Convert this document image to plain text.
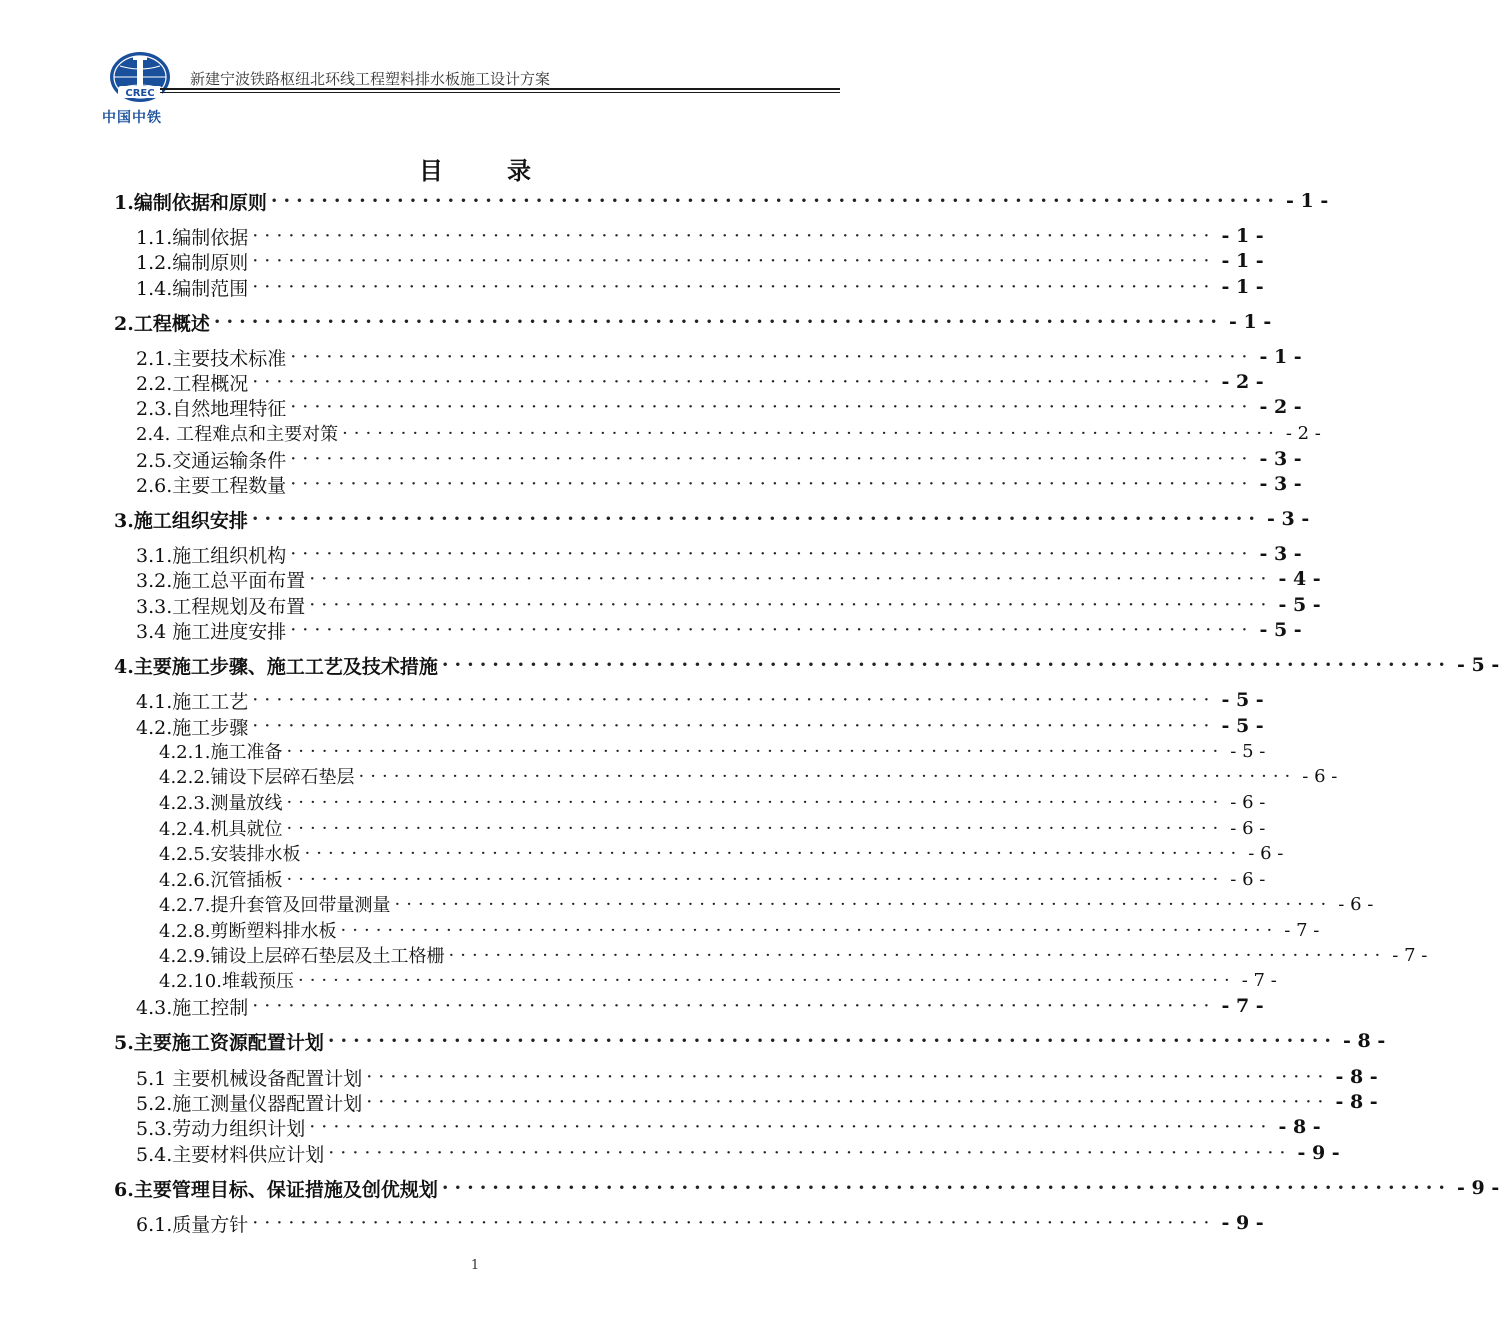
CREC
中国中铁
新建宁波铁路枢纽北环线工程塑料排水板施工设计方案
目	录
1.编制依据和原则 ················································································ - 1 -
1.1.编制依据 ················································································ - 1 -
1.2.编制原则 ················································································ - 1 -
1.4.编制范围 ················································································ - 1 -
2.工程概述 ················································································ - 1 -
2.1.主要技术标准 ················································································ - 1 -
2.2.工程概况 ················································································ - 2 -
2.3.自然地理特征 ················································································ - 2 -
2.4. 工程难点和主要对策 ················································································ - 2 -
2.5.交通运输条件 ················································································ - 3 -
2.6.主要工程数量 ················································································ - 3 -
3.施工组织安排 ················································································ - 3 -
3.1.施工组织机构 ················································································ - 3 -
3.2.施工总平面布置 ················································································ - 4 -
3.3.工程规划及布置 ················································································ - 5 -
3.4 施工进度安排 ················································································ - 5 -
4.主要施工步骤、施工工艺及技术措施 ················································································ - 5 -
4.1.施工工艺 ················································································ - 5 -
4.2.施工步骤 ················································································ - 5 -
4.2.1.施工准备 ················································································ - 5 -
4.2.2.铺设下层碎石垫层 ················································································ - 6 -
4.2.3.测量放线 ················································································ - 6 -
4.2.4.机具就位 ················································································ - 6 -
4.2.5.安装排水板 ················································································ - 6 -
4.2.6.沉管插板 ················································································ - 6 -
4.2.7.提升套管及回带量测量 ················································································ - 6 -
4.2.8.剪断塑料排水板 ················································································ - 7 -
4.2.9.铺设上层碎石垫层及土工格栅 ················································································ - 7 -
4.2.10.堆载预压 ················································································ - 7 -
4.3.施工控制 ················································································ - 7 -
5.主要施工资源配置计划 ················································································ - 8 -
5.1 主要机械设备配置计划 ················································································ - 8 -
5.2.施工测量仪器配置计划 ················································································ - 8 -
5.3.劳动力组织计划 ················································································ - 8 -
5.4.主要材料供应计划 ················································································ - 9 -
6.主要管理目标、保证措施及创优规划 ················································································ - 9 -
6.1.质量方针 ················································································ - 9 -
1
